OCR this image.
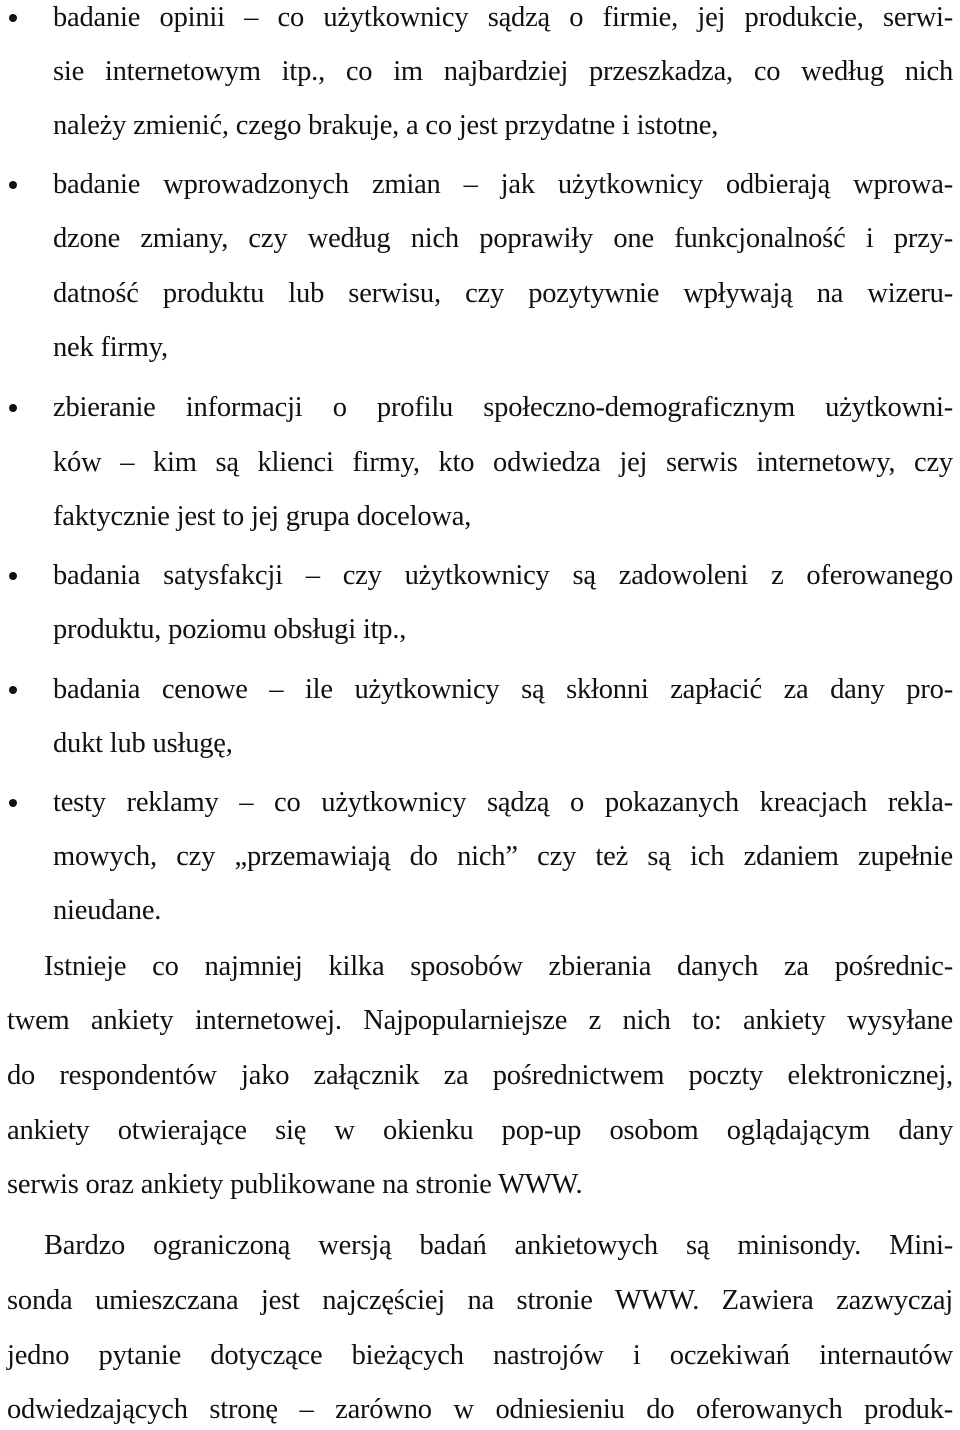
badanie opinii – co użytkownicy sądzą o firmie, jej produkcie, serwi-
sie internetowym itp., co im najbardziej przeszkadza, co według nich
należy zmienić, czego brakuje, a co jest przydatne i istotne,
badanie wprowadzonych zmian – jak użytkownicy odbierają wprowa-
dzone zmiany, czy według nich poprawiły one funkcjonalność i przy-
datność produktu lub serwisu, czy pozytywnie wpływają na wizeru-
nek firmy,
zbieranie informacji o profilu społeczno-demograficznym użytkowni-
ków – kim są klienci firmy, kto odwiedza jej serwis internetowy, czy
faktycznie jest to jej grupa docelowa,
badania satysfakcji – czy użytkownicy są zadowoleni z oferowanego
produktu, poziomu obsługi itp.,
badania cenowe – ile użytkownicy są skłonni zapłacić za dany pro-
dukt lub usługę,
testy reklamy – co użytkownicy sądzą o pokazanych kreacjach rekla-
mowych, czy „przemawiają do nich” czy też są ich zdaniem zupełnie
nieudane.
Istnieje co najmniej kilka sposobów zbierania danych za pośrednic-
twem ankiety internetowej. Najpopularniejsze z nich to: ankiety wysyłane
do respondentów jako załącznik za pośrednictwem poczty elektronicznej,
ankiety otwierające się w okienku pop-up osobom oglądającym dany
serwis oraz ankiety publikowane na stronie WWW.
Bardzo ograniczoną wersją badań ankietowych są minisondy. Mini-
sonda umieszczana jest najczęściej na stronie WWW. Zawiera zazwyczaj
jedno pytanie dotyczące bieżących nastrojów i oczekiwań internautów
odwiedzających stronę – zarówno w odniesieniu do oferowanych produk-
